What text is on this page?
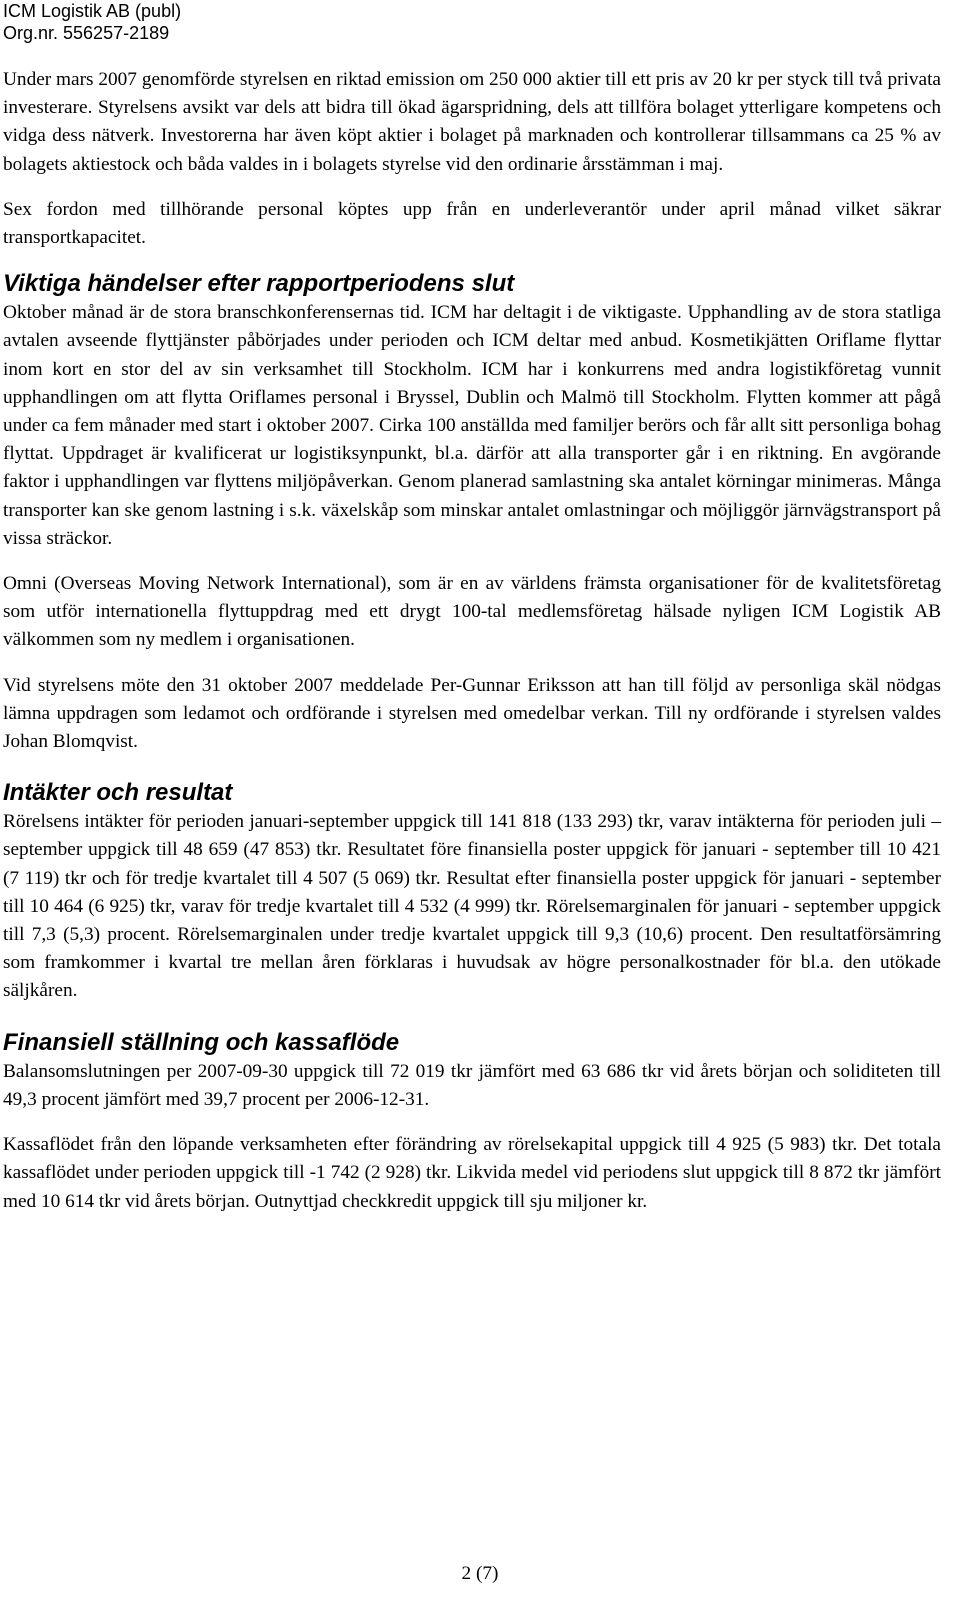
ICM Logistik AB (publ)
Org.nr. 556257-2189

Under mars 2007 genomförde styrelsen en riktad emission om 250 000 aktier till ett pris av 20 kr per styck till två privata investerare. Styrelsens avsikt var dels att bidra till ökad ägarspridning, dels att tillföra bolaget ytterligare kompetens och vidga dess nätverk. Investorerna har även köpt aktier i bolaget på marknaden och kontrollerar tillsammans ca 25 % av bolagets aktiestock och båda valdes in i bolagets styrelse vid den ordinarie årsstämman i maj.

Sex fordon med tillhörande personal köptes upp från en underleverantör under april månad vilket säkrar transportkapacitet.

Viktiga händelser efter rapportperiodens slut

Oktober månad är de stora branschkonferensernas tid. ICM har deltagit i de viktigaste. Upphandling av de stora statliga avtalen avseende flyttjänster påbörjades under perioden och ICM deltar med anbud. Kosmetikjätten Oriflame flyttar inom kort en stor del av sin verksamhet till Stockholm. ICM har i konkurrens med andra logistikföretag vunnit upphandlingen om att flytta Oriflames personal i Bryssel, Dublin och Malmö till Stockholm. Flytten kommer att pågå under ca fem månader med start i oktober 2007. Cirka 100 anställda med familjer berörs och får allt sitt personliga bohag flyttat. Uppdraget är kvalificerat ur logistiksynpunkt, bl.a. därför att alla transporter går i en riktning. En avgörande faktor i upphandlingen var flyttens miljöpåverkan. Genom planerad samlastning ska antalet körningar minimeras. Många transporter kan ske genom lastning i s.k. växelskåp som minskar antalet omlastningar och möjliggör järnvägstransport på vissa sträckor.

Omni (Overseas Moving Network International), som är en av världens främsta organisationer för de kvalitetsföretag som utför internationella flyttuppdrag med ett drygt 100-tal medlemsföretag hälsade nyligen ICM Logistik AB välkommen som ny medlem i organisationen.

Vid styrelsens möte den 31 oktober 2007 meddelade Per-Gunnar Eriksson att han till följd av personliga skäl nödgas lämna uppdragen som ledamot och ordförande i styrelsen med omedelbar verkan. Till ny ordförande i styrelsen valdes Johan Blomqvist.

Intäkter och resultat

Rörelsens intäkter för perioden januari-september uppgick till 141 818 (133 293) tkr, varav intäkterna för perioden juli – september uppgick till 48 659 (47 853) tkr. Resultatet före finansiella poster uppgick för januari - september till 10 421 (7 119) tkr och för tredje kvartalet till 4 507 (5 069) tkr. Resultat efter finansiella poster uppgick för januari - september till 10 464 (6 925) tkr, varav för tredje kvartalet till 4 532 (4 999) tkr. Rörelsemarginalen för januari - september uppgick till 7,3 (5,3) procent. Rörelsemarginalen under tredje kvartalet uppgick till 9,3 (10,6) procent. Den resultatförsämring som framkommer i kvartal tre mellan åren förklaras i huvudsak av högre personalkostnader för bl.a. den utökade säljkåren.

Finansiell ställning och kassaflöde

Balansomslutningen per 2007-09-30 uppgick till 72 019 tkr jämfört med 63 686 tkr vid årets början och soliditeten till 49,3 procent jämfört med 39,7 procent per 2006-12-31.

Kassaflödet från den löpande verksamheten efter förändring av rörelsekapital uppgick till 4 925 (5 983) tkr. Det totala kassaflödet under perioden uppgick till -1 742 (2 928) tkr. Likvida medel vid periodens slut uppgick till 8 872 tkr jämfört med 10 614 tkr vid årets början. Outnyttjad checkkredit uppgick till sju miljoner kr.

2 (7)
